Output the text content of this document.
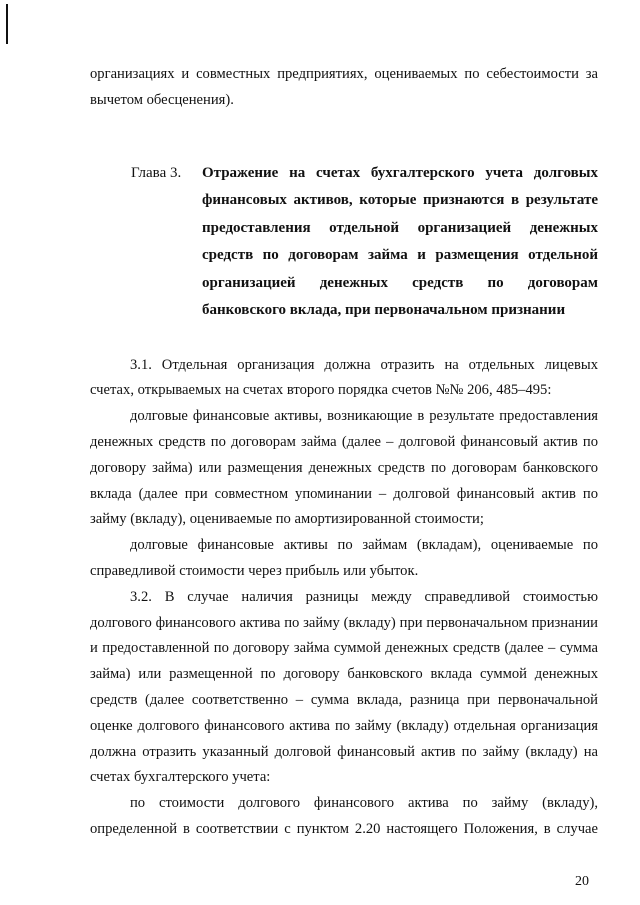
организациях и совместных предприятиях, оцениваемых по себестоимости за вычетом обесценения).

Глава 3.	Отражение на счетах бухгалтерского учета долговых финансовых активов, которые признаются в результате предоставления отдельной организацией денежных средств по договорам займа и размещения отдельной организацией денежных средств по договорам банковского вклада, при первоначальном признании

3.1. Отдельная организация должна отразить на отдельных лицевых счетах, открываемых на счетах второго порядка счетов №№ 206, 485–495:

долговые финансовые активы, возникающие в результате предоставления денежных средств по договорам займа (далее – долговой финансовый актив по договору займа) или размещения денежных средств по договорам банковского вклада (далее при совместном упоминании – долговой финансовый актив по займу (вкладу), оцениваемые по амортизированной стоимости;

долговые финансовые активы по займам (вкладам), оцениваемые по справедливой стоимости через прибыль или убыток.

3.2. В случае наличия разницы между справедливой стоимостью долгового финансового актива по займу (вкладу) при первоначальном признании и предоставленной по договору займа суммой денежных средств (далее – сумма займа) или размещенной по договору банковского вклада суммой денежных средств (далее соответственно – сумма вклада, разница при первоначальной оценке долгового финансового актива по займу (вкладу) отдельная организация должна отразить указанный долговой финансовый актив по займу (вкладу) на счетах бухгалтерского учета:

по стоимости долгового финансового актива по займу (вкладу), определенной в соответствии с пунктом 2.20 настоящего Положения, в случае

20
